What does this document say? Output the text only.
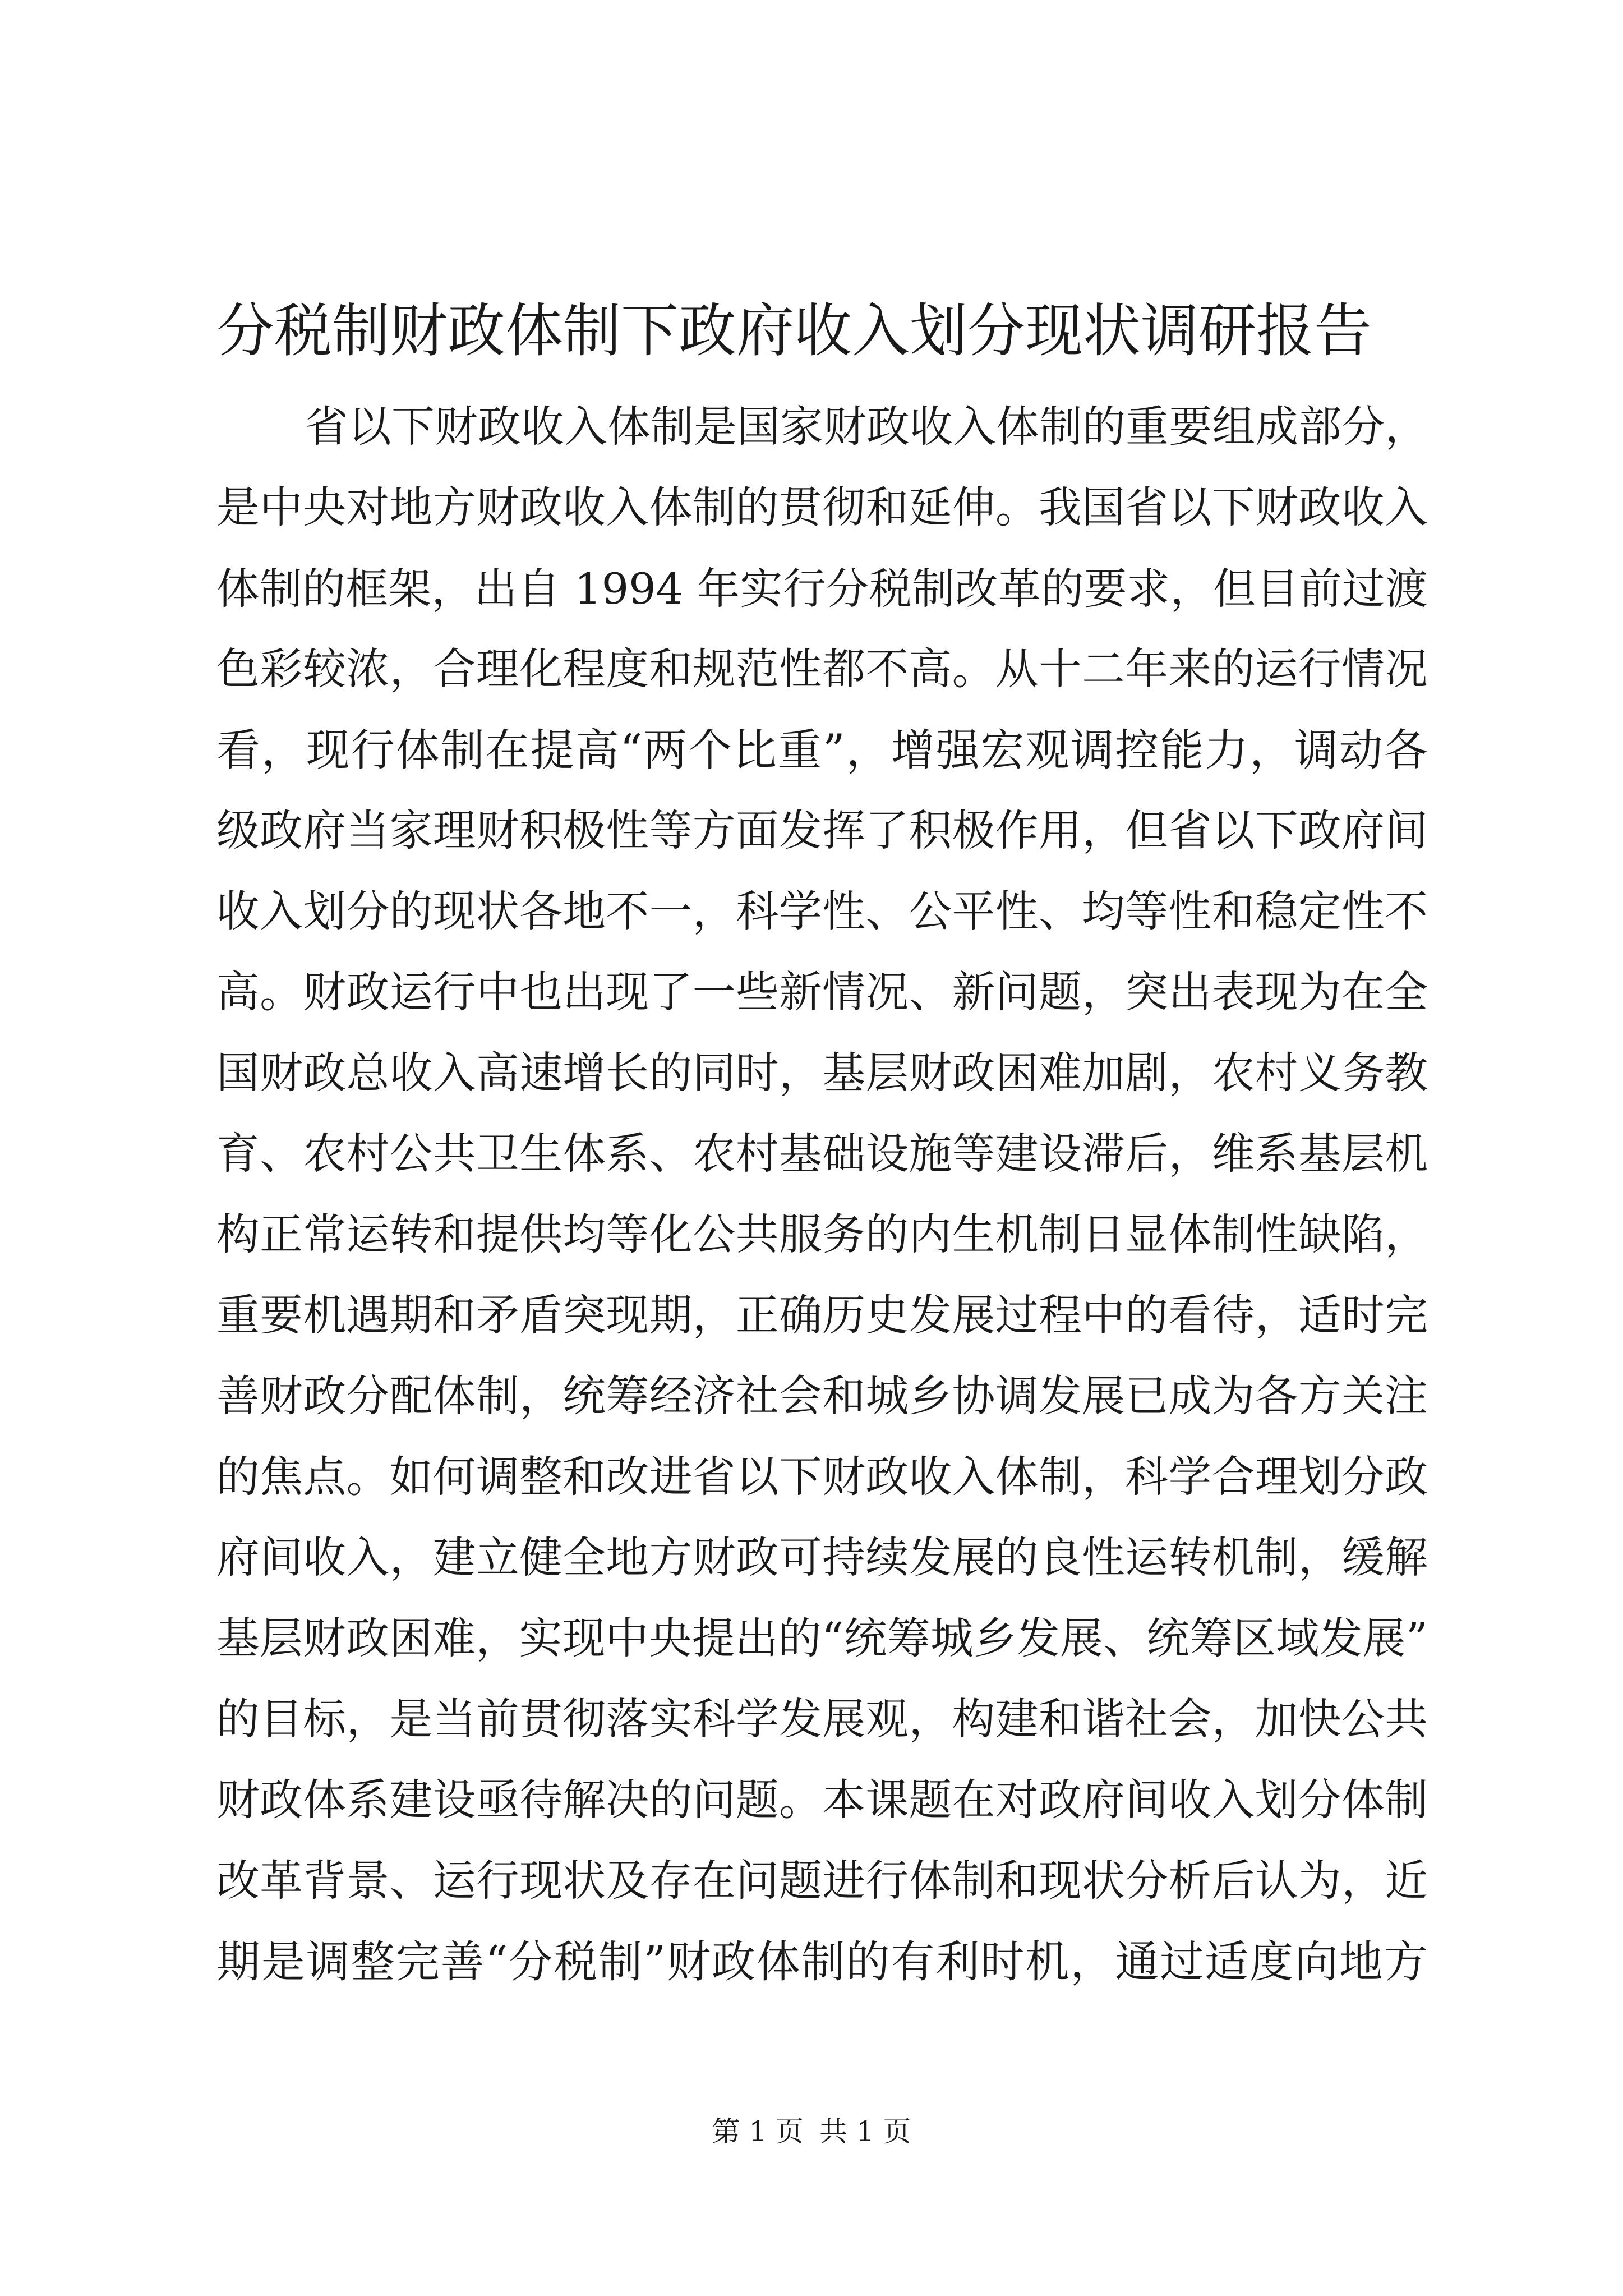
分税制财政体制下政府收入划分现状调研报告
省以下财政收入体制是国家财政收入体制的重要组成部分，
是中央对地方财政收入体制的贯彻和延伸。我国省以下财政收入
体制的框架，出自 1994 年实行分税制改革的要求，但目前过渡
色彩较浓，合理化程度和规范性都不高。从十二年来的运行情况
看，现行体制在提高“两个比重”，增强宏观调控能力，调动各
级政府当家理财积极性等方面发挥了积极作用，但省以下政府间
收入划分的现状各地不一，科学性、公平性、均等性和稳定性不
高。财政运行中也出现了一些新情况、新问题，突出表现为在全
国财政总收入高速增长的同时，基层财政困难加剧，农村义务教
育、农村公共卫生体系、农村基础设施等建设滞后，维系基层机
构正常运转和提供均等化公共服务的内生机制日显体制性缺陷，
重要机遇期和矛盾突现期，正确历史发展过程中的看待，适时完
善财政分配体制，统筹经济社会和城乡协调发展已成为各方关注
的焦点。如何调整和改进省以下财政收入体制，科学合理划分政
府间收入，建立健全地方财政可持续发展的良性运转机制，缓解
基层财政困难，实现中央提出的“统筹城乡发展、统筹区域发展”
的目标，是当前贯彻落实科学发展观，构建和谐社会，加快公共
财政体系建设亟待解决的问题。本课题在对政府间收入划分体制
改革背景、运行现状及存在问题进行体制和现状分析后认为，近
期是调整完善“分税制”财政体制的有利时机，通过适度向地方
第 1 页 共 1 页
